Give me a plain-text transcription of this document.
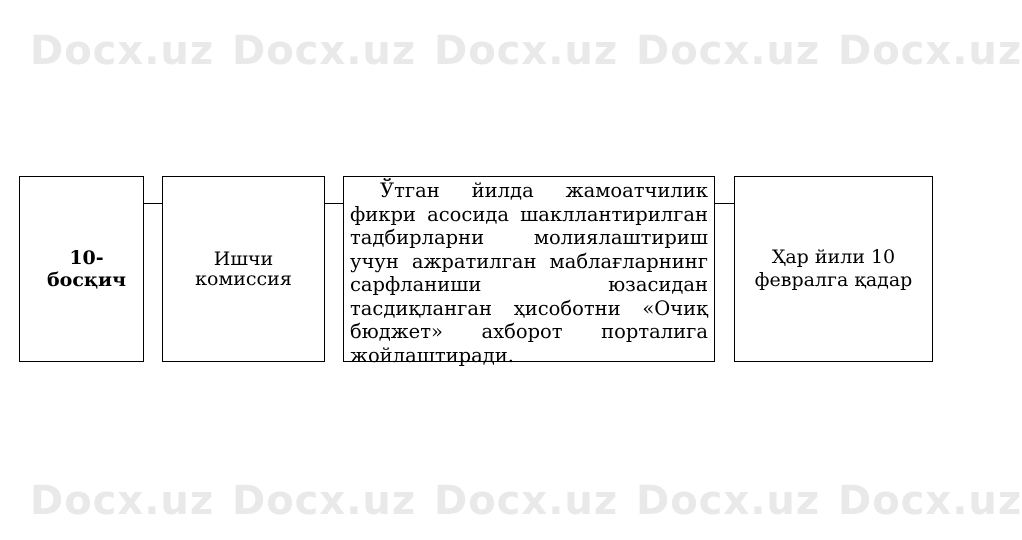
Docx.uz Docx.uz Docx.uz Docx.uz Docx.uz
Docx.uz Docx.uz Docx.uz Docx.uz Docx.uz
10-босқич
Ишчи
комиссия

Ўтган йилда жамоатчилик фикри асосида шакллантирилган тадбирларни молиялаштириш учун ажратилган маблағларнинг сарфланиши юзасидан тасдиқланган ҳисоботни «Очиқ бюджет» ахборот порталига жойлаштиради.

Ҳар йили 10
февралга қадар
